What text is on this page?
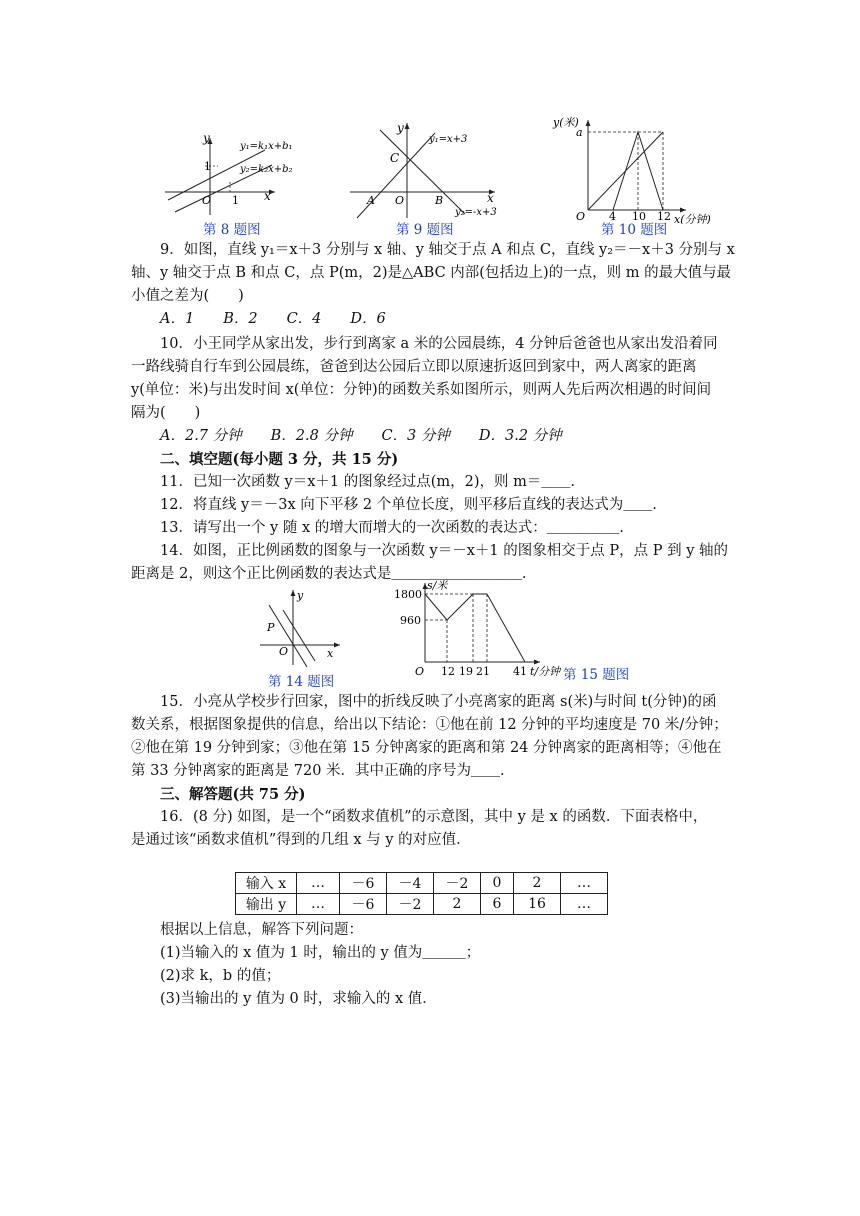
y
x
y₁=k₁x+b₁
y₂=k₂x+b₂
1
O 1
第 8 题图
y
x
y₁=x+3
y₂=-x+3
C
O
A	B
第 9 题图
y(米)
x(分钟)
a
O 4 10 12
第 10 题图
9．如图，直线 y₁＝x＋3 分别与 x 轴、y 轴交于点 A 和点 C，直线 y₂＝－x＋3 分别与 x
轴、y 轴交于点 B 和点 C，点 P(m，2)是△ABC 内部(包括边上)的一点，则 m 的最大值与最
小值之差为(　　)
A．1　　B．2　　C．4　　D．6
10．小王同学从家出发，步行到离家 a 米的公园晨练，4 分钟后爸爸也从家出发沿着同
一路线骑自行车到公园晨练，爸爸到达公园后立即以原速折返回到家中，两人离家的距离
y(单位：米)与出发时间 x(单位：分钟)的函数关系如图所示，则两人先后两次相遇的时间间
隔为(　　)
A．2.7 分钟　　B．2.8 分钟　　C．3 分钟　　D．3.2 分钟
二、填空题(每小题 3 分，共 15 分)
11．已知一次函数 y＝x＋1 的图象经过点(m，2)，则 m＝＿＿.
12．将直线 y＝－3x 向下平移 2 个单位长度，则平移后直线的表达式为＿＿.
13．请写出一个 y 随 x 的增大而增大的一次函数的表达式：＿＿＿＿＿.
14．如图，正比例函数的图象与一次函数 y＝－x＋1 的图象相交于点 P，点 P 到 y 轴的
距离是 2，则这个正比例函数的表达式是＿＿＿＿＿＿＿＿＿.
y
x
P
O
第 14 题图
s/米
t/分钟
1800
960
O 12 19 21 41	第 15 题图
15．小亮从学校步行回家，图中的折线反映了小亮离家的距离 s(米)与时间 t(分钟)的函
数关系，根据图象提供的信息，给出以下结论：①他在前 12 分钟的平均速度是 70 米/分钟；
②他在第 19 分钟到家；③他在第 15 分钟离家的距离和第 24 分钟离家的距离相等；④他在
第 33 分钟离家的距离是 720 米．其中正确的序号为＿＿.
三、解答题(共 75 分)
16．(8 分) 如图，是一个“函数求值机”的示意图，其中 y 是 x 的函数．下面表格中，
是通过该“函数求值机”得到的几组 x 与 y 的对应值．
输入 x	…	－6	－4	－2	0	2	…
输出 y	…	－6	－2	2	6	16	…
根据以上信息，解答下列问题：
(1)当输入的 x 值为 1 时，输出的 y 值为＿＿＿；
(2)求 k，b 的值；
(3)当输出的 y 值为 0 时，求输入的 x 值．
